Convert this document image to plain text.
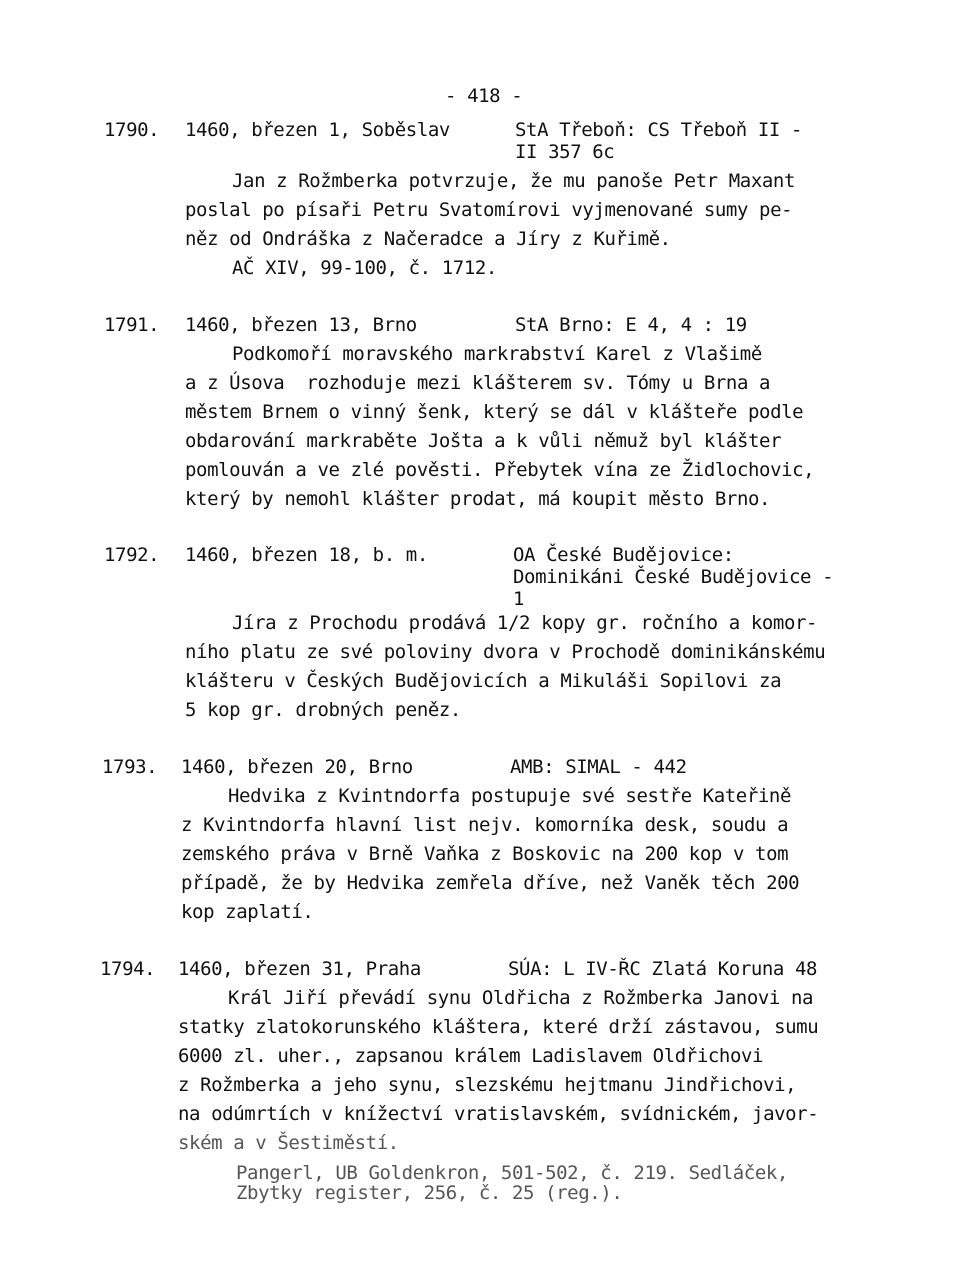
- 418 -
1790. 1460, březen 1, Soběslav	StA Třeboň: CS Třeboň II -
II 357 6c
Jan z Rožmberka potvrzuje, že mu panoše Petr Maxant
poslal po písaři Petru Svatomírovi vyjmenované sumy pe-
něz od Ondráška z Načeradce a Jíry z Kuřimě.
AČ XIV, 99-100, č. 1712.
1791. 1460, březen 13, Brno	StA Brno: E 4, 4 : 19
Podkomoří moravského markrabství Karel z Vlašimě
a z Úsova  rozhoduje mezi klášterem sv. Tómy u Brna a
městem Brnem o vinný šenk, který se dál v klášteře podle
obdarování markraběte Jošta a k vůli němuž byl klášter
pomlouván a ve zlé pověsti. Přebytek vína ze Židlochovic,
který by nemohl klášter prodat, má koupit město Brno.
1792. 1460, březen 18, b. m.	OA České Budějovice:
Dominikáni České Budějovice -
1
Jíra z Prochodu prodává 1/2 kopy gr. ročního a komor-
ního platu ze své poloviny dvora v Prochodě dominikánskému
klášteru v Českých Budějovicích a Mikuláši Sopilovi za
5 kop gr. drobných peněz.
1793. 1460, březen 20, Brno	AMB: SIMAL - 442
Hedvika z Kvintndorfa postupuje své sestře Kateřině
z Kvintndorfa hlavní list nejv. komorníka desk, soudu a
zemského práva v Brně Vaňka z Boskovic na 200 kop v tom
případě, že by Hedvika zemřela dříve, než Vaněk těch 200
kop zaplatí.
1794. 1460, březen 31, Praha	SÚA: L IV-ŘC Zlatá Koruna 48
Král Jiří převádí synu Oldřicha z Rožmberka Janovi na
statky zlatokorunského kláštera, které drží zástavou, sumu
6000 zl. uher., zapsanou králem Ladislavem Oldřichovi
z Rožmberka a jeho synu, slezskému hejtmanu Jindřichovi,
na odúmrtích v knížectví vratislavském, svídnickém, javor-
ském a v Šestiměstí.
Pangerl, UB Goldenkron, 501-502, č. 219. Sedláček,
Zbytky register, 256, č. 25 (reg.).
